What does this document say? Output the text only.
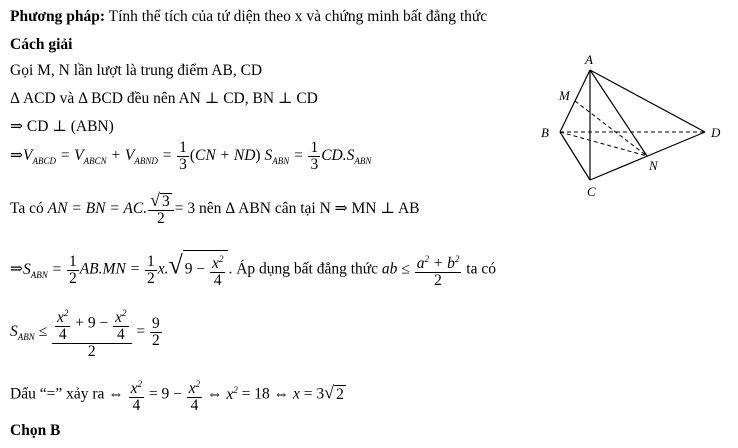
Phương pháp: Tính thể tích của tứ diện theo x và chứng minh bất đẳng thức
Cách giải
Gọi M, N lần lượt là trung điểm AB, CD
Δ ACD và Δ BCD đều nên AN ⊥ CD, BN ⊥ CD
⇒ CD ⊥ (ABN)
$\Rightarrow V_{ABCD} = V_{ABCN} + V_{ABND} = \frac{1}{3} (CN + ND) S_{ABN} = \frac{1}{3} CD.S_{ABN}$
Ta có AN = BN = AC. $\frac{√ 3}{2} = 3$ nên Δ ABN cân tại N ⇒ MN ⊥ AB
$\Rightarrow S_{ABN} = \frac{1}{2} AB.MN = \frac{1}{2} x.√$ $9 - \frac{x^2}{4}$ . Áp dụng bất đẳng thức ab ≤ $\frac{a^2 + b^2}{2}$ ta có
$S_{ABN} \le \frac{\frac{x^2}{4} + 9 - \frac{x^2}{4}}{2} = \frac{9}{2}$
Dấu “=” xảy ra ⇔ $\frac{x^2}{4} = 9 - \frac{x^2}{4}$ ⇔ $x^2 = 18$ ⇔ x = 3√ 2
Chọn B
A
M
B	D
N
C
